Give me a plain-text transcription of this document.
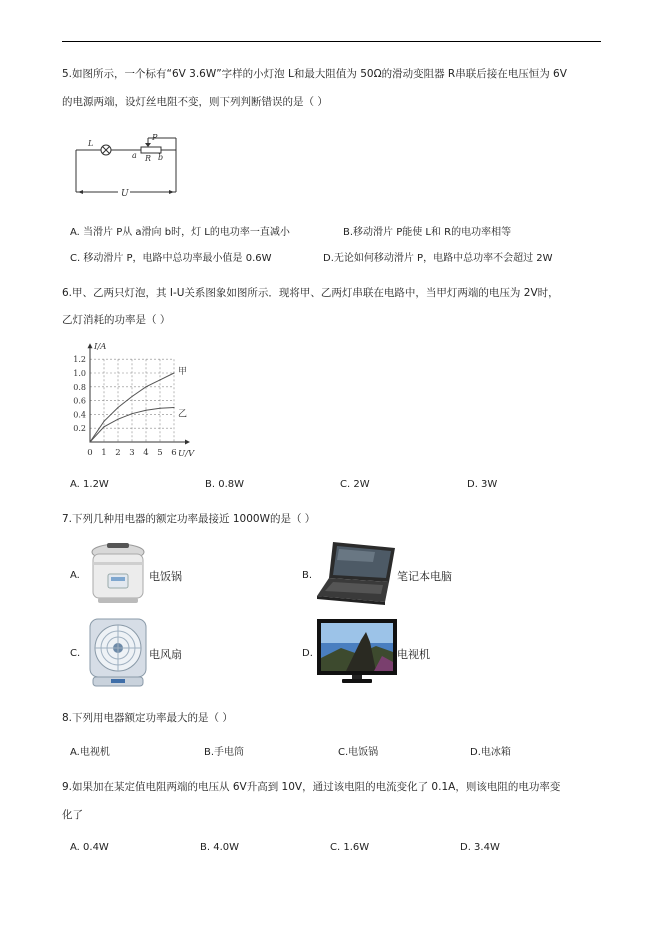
5.如图所示，一个标有“6V 3.6W”字样的小灯泡 L和最大阻值为 50Ω的滑动变阻器 R串联后接在电压恒为 6V
的电源两端，设灯丝电阻不变，则下列判断错误的是（ ）
L
P
a R b
U
A. 当滑片 P从 a滑向 b时，灯 L的电功率一直减小	B.移动滑片 P能使 L和 R的电功率相等
C. 移动滑片 P，电路中总功率最小值是 0.6W	D.无论如何移动滑片 P，电路中总功率不会超过 2W
6.甲、乙两只灯泡，其 I-U关系图象如图所示．现将甲、乙两灯串联在电路中，当甲灯两端的电压为 2V时，
乙灯消耗的功率是（ ）
0 1 2 3 4 5 6
0.2
0.4
0.6
0.8
1.0
1.2
U/V
I/A
甲
乙
A. 1.2W	B. 0.8W	C. 2W	D. 3W
7.下列几种用电器的额定功率最接近 1000W的是（ ）
A.	电饭锅	B.	笔记本电脑
C.	电风扇	D.	电视机
8.下列用电器额定功率最大的是（ ）
A.电视机	B.手电筒	C.电饭锅	D.电冰箱
9.如果加在某定值电阻两端的电压从 6V升高到 10V，通过该电阻的电流变化了 0.1A，则该电阻的电功率变
化了
A. 0.4W	B. 4.0W	C. 1.6W	D. 3.4W
